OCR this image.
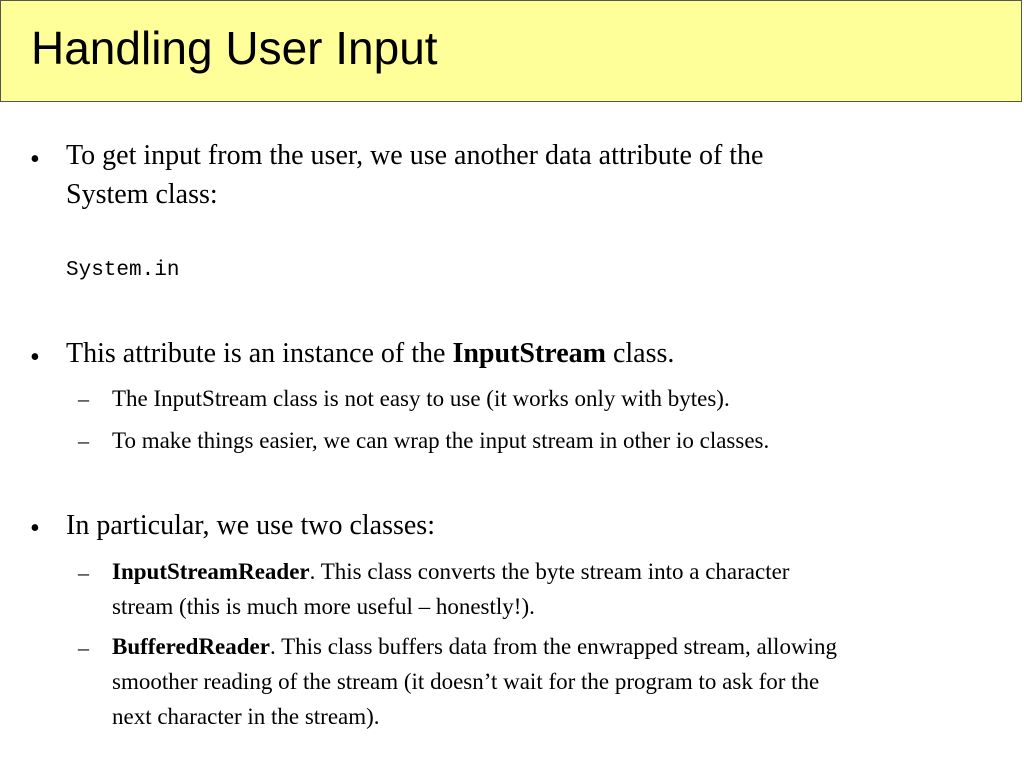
Handling User Input
• To get input from the user, we use another data attribute of the
System class:
System.in
• This attribute is an instance of the InputStream class.
– The InputStream class is not easy to use (it works only with bytes).
– To make things easier, we can wrap the input stream in other io classes.
• In particular, we use two classes:
– InputStreamReader. This class converts the byte stream into a character
stream (this is much more useful – honestly!).
– BufferedReader. This class buffers data from the enwrapped stream, allowing
smoother reading of the stream (it doesn’t wait for the program to ask for the
next character in the stream).
